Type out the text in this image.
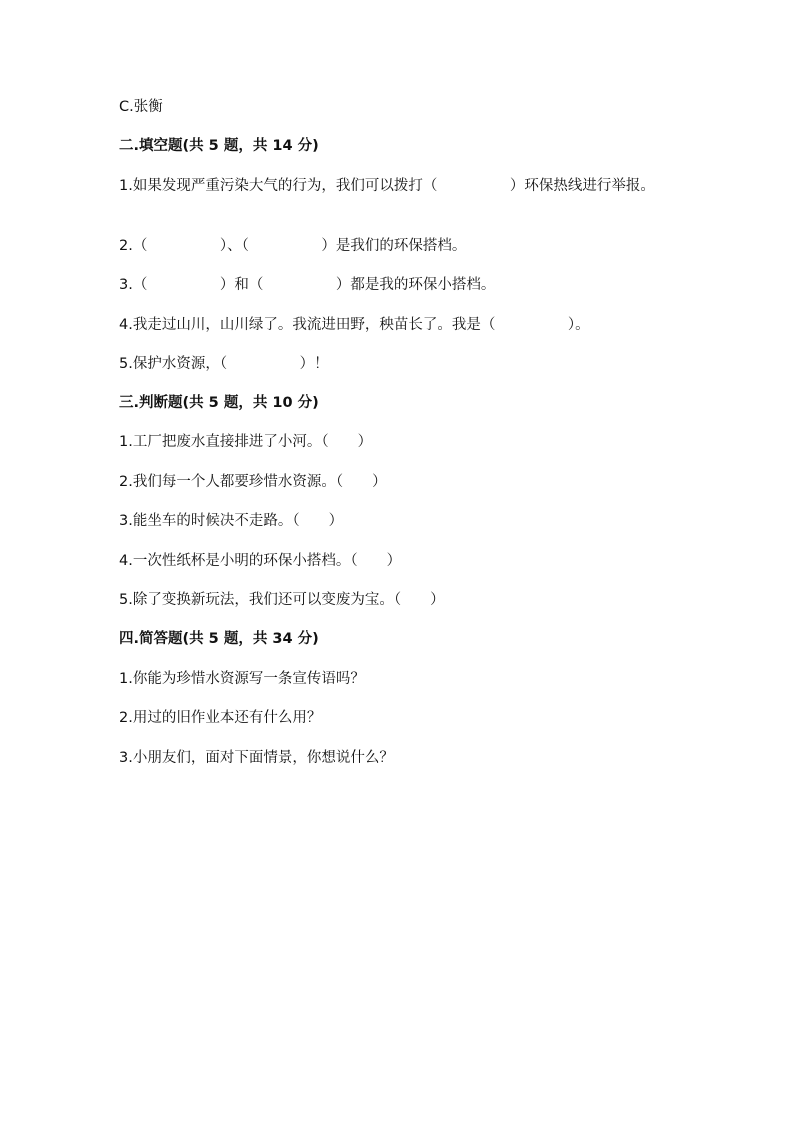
C.张衡
二.填空题(共 5 题，共 14 分)
1.如果发现严重污染大气的行为，我们可以拨打（　　　　　）环保热线进行举报。
2.（　　　　　）、（　　　　　）是我们的环保搭档。
3.（　　　　　）和（　　　　　）都是我的环保小搭档。
4.我走过山川，山川绿了。我流进田野，秧苗长了。我是（　　　　　）。
5.保护水资源，（　　　　　）！
三.判断题(共 5 题，共 10 分)
1.工厂把废水直接排进了小河。（　　）
2.我们每一个人都要珍惜水资源。（　　）
3.能坐车的时候决不走路。（　　）
4.一次性纸杯是小明的环保小搭档。（　　）
5.除了变换新玩法，我们还可以变废为宝。（　　）
四.简答题(共 5 题，共 34 分)
1.你能为珍惜水资源写一条宣传语吗？
2.用过的旧作业本还有什么用？
3.小朋友们，面对下面情景，你想说什么？
